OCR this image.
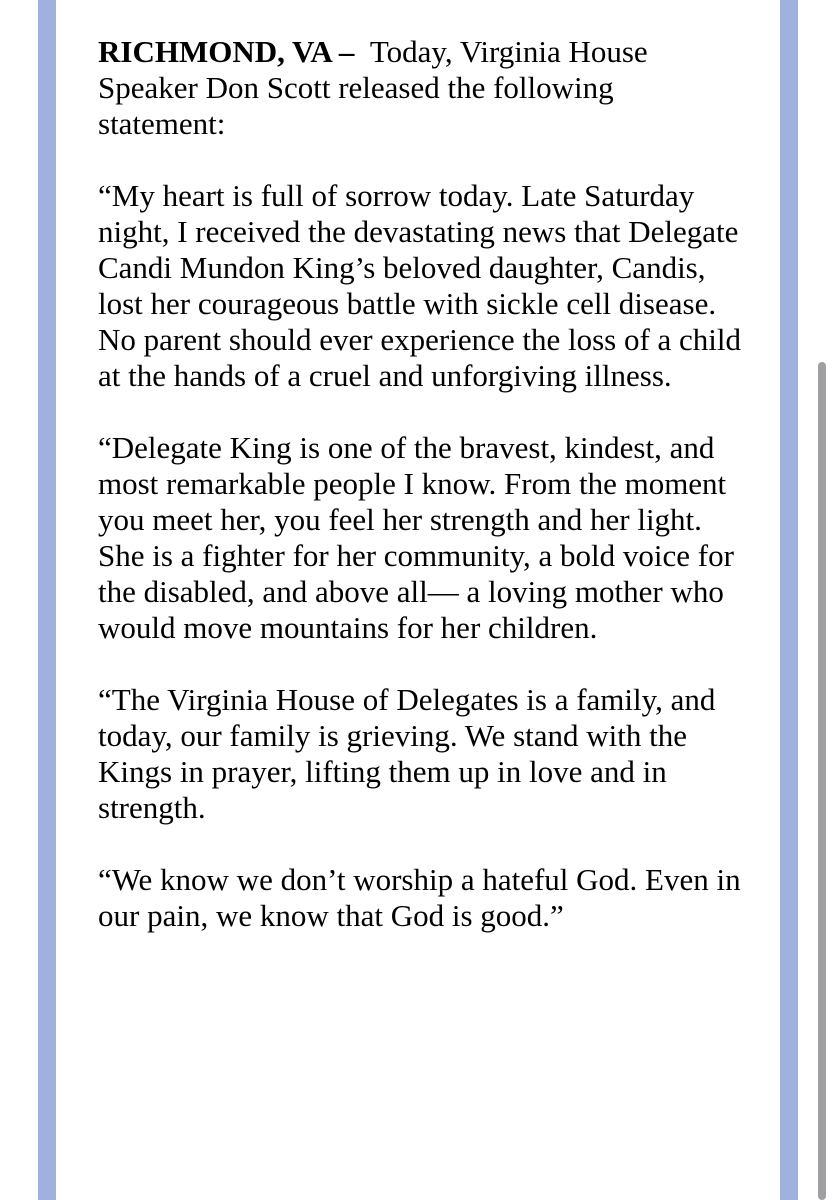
RICHMOND, VA – Today, Virginia House Speaker Don Scott released the following statement:

“My heart is full of sorrow today. Late Saturday night, I received the devastating news that Delegate Candi Mundon King’s beloved daughter, Candis, lost her courageous battle with sickle cell disease. No parent should ever experience the loss of a child at the hands of a cruel and unforgiving illness.

“Delegate King is one of the bravest, kindest, and most remarkable people I know. From the moment you meet her, you feel her strength and her light. She is a fighter for her community, a bold voice for the disabled, and above all— a loving mother who would move mountains for her children.

“The Virginia House of Delegates is a family, and today, our family is grieving. We stand with the Kings in prayer, lifting them up in love and in strength.

“We know we don’t worship a hateful God. Even in our pain, we know that God is good.”
